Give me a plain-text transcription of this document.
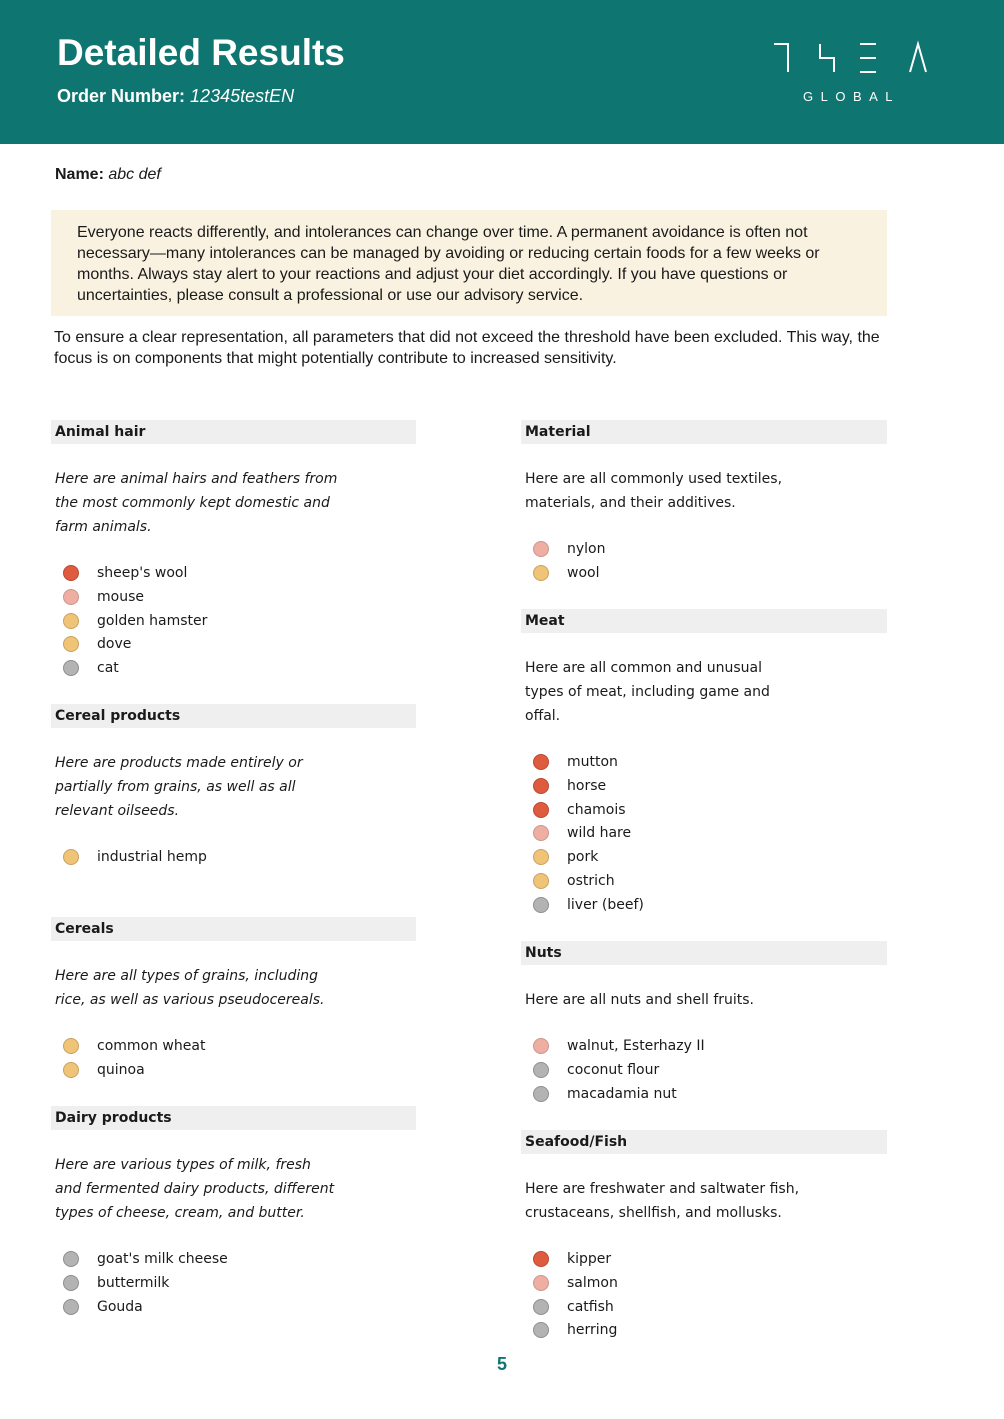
Detailed Results
Order Number: 12345testEN	GLOBAL
Name: abc def
Everyone reacts differently, and intolerances can change over time. A permanent avoidance is often not necessary—many intolerances can be managed by avoiding or reducing certain foods for a few weeks or months. Always stay alert to your reactions and adjust your diet accordingly. If you have questions or uncertainties, please consult a professional or use our advisory service.
To ensure a clear representation, all parameters that did not exceed the threshold have been excluded. This way, the focus is on components that might potentially contribute to increased sensitivity.
Animal hair
Here are animal hairs and feathers from the most commonly kept domestic and farm animals.
sheep's wool
mouse
golden hamster
dove
cat
Cereal products
Here are products made entirely or partially from grains, as well as all relevant oilseeds.
industrial hemp
Cereals
Here are all types of grains, including rice, as well as various pseudocereals.
common wheat
quinoa
Dairy products
Here are various types of milk, fresh and fermented dairy products, different types of cheese, cream, and butter.
goat's milk cheese
buttermilk
Gouda
Material
Here are all commonly used textiles, materials, and their additives.
nylon
wool
Meat
Here are all common and unusual types of meat, including game and offal.
mutton
horse
chamois
wild hare
pork
ostrich
liver (beef)
Nuts
Here are all nuts and shell fruits.
walnut, Esterhazy II
coconut flour
macadamia nut
Seafood/Fish
Here are freshwater and saltwater fish, crustaceans, shellfish, and mollusks.
kipper
salmon
catfish
herring
5
